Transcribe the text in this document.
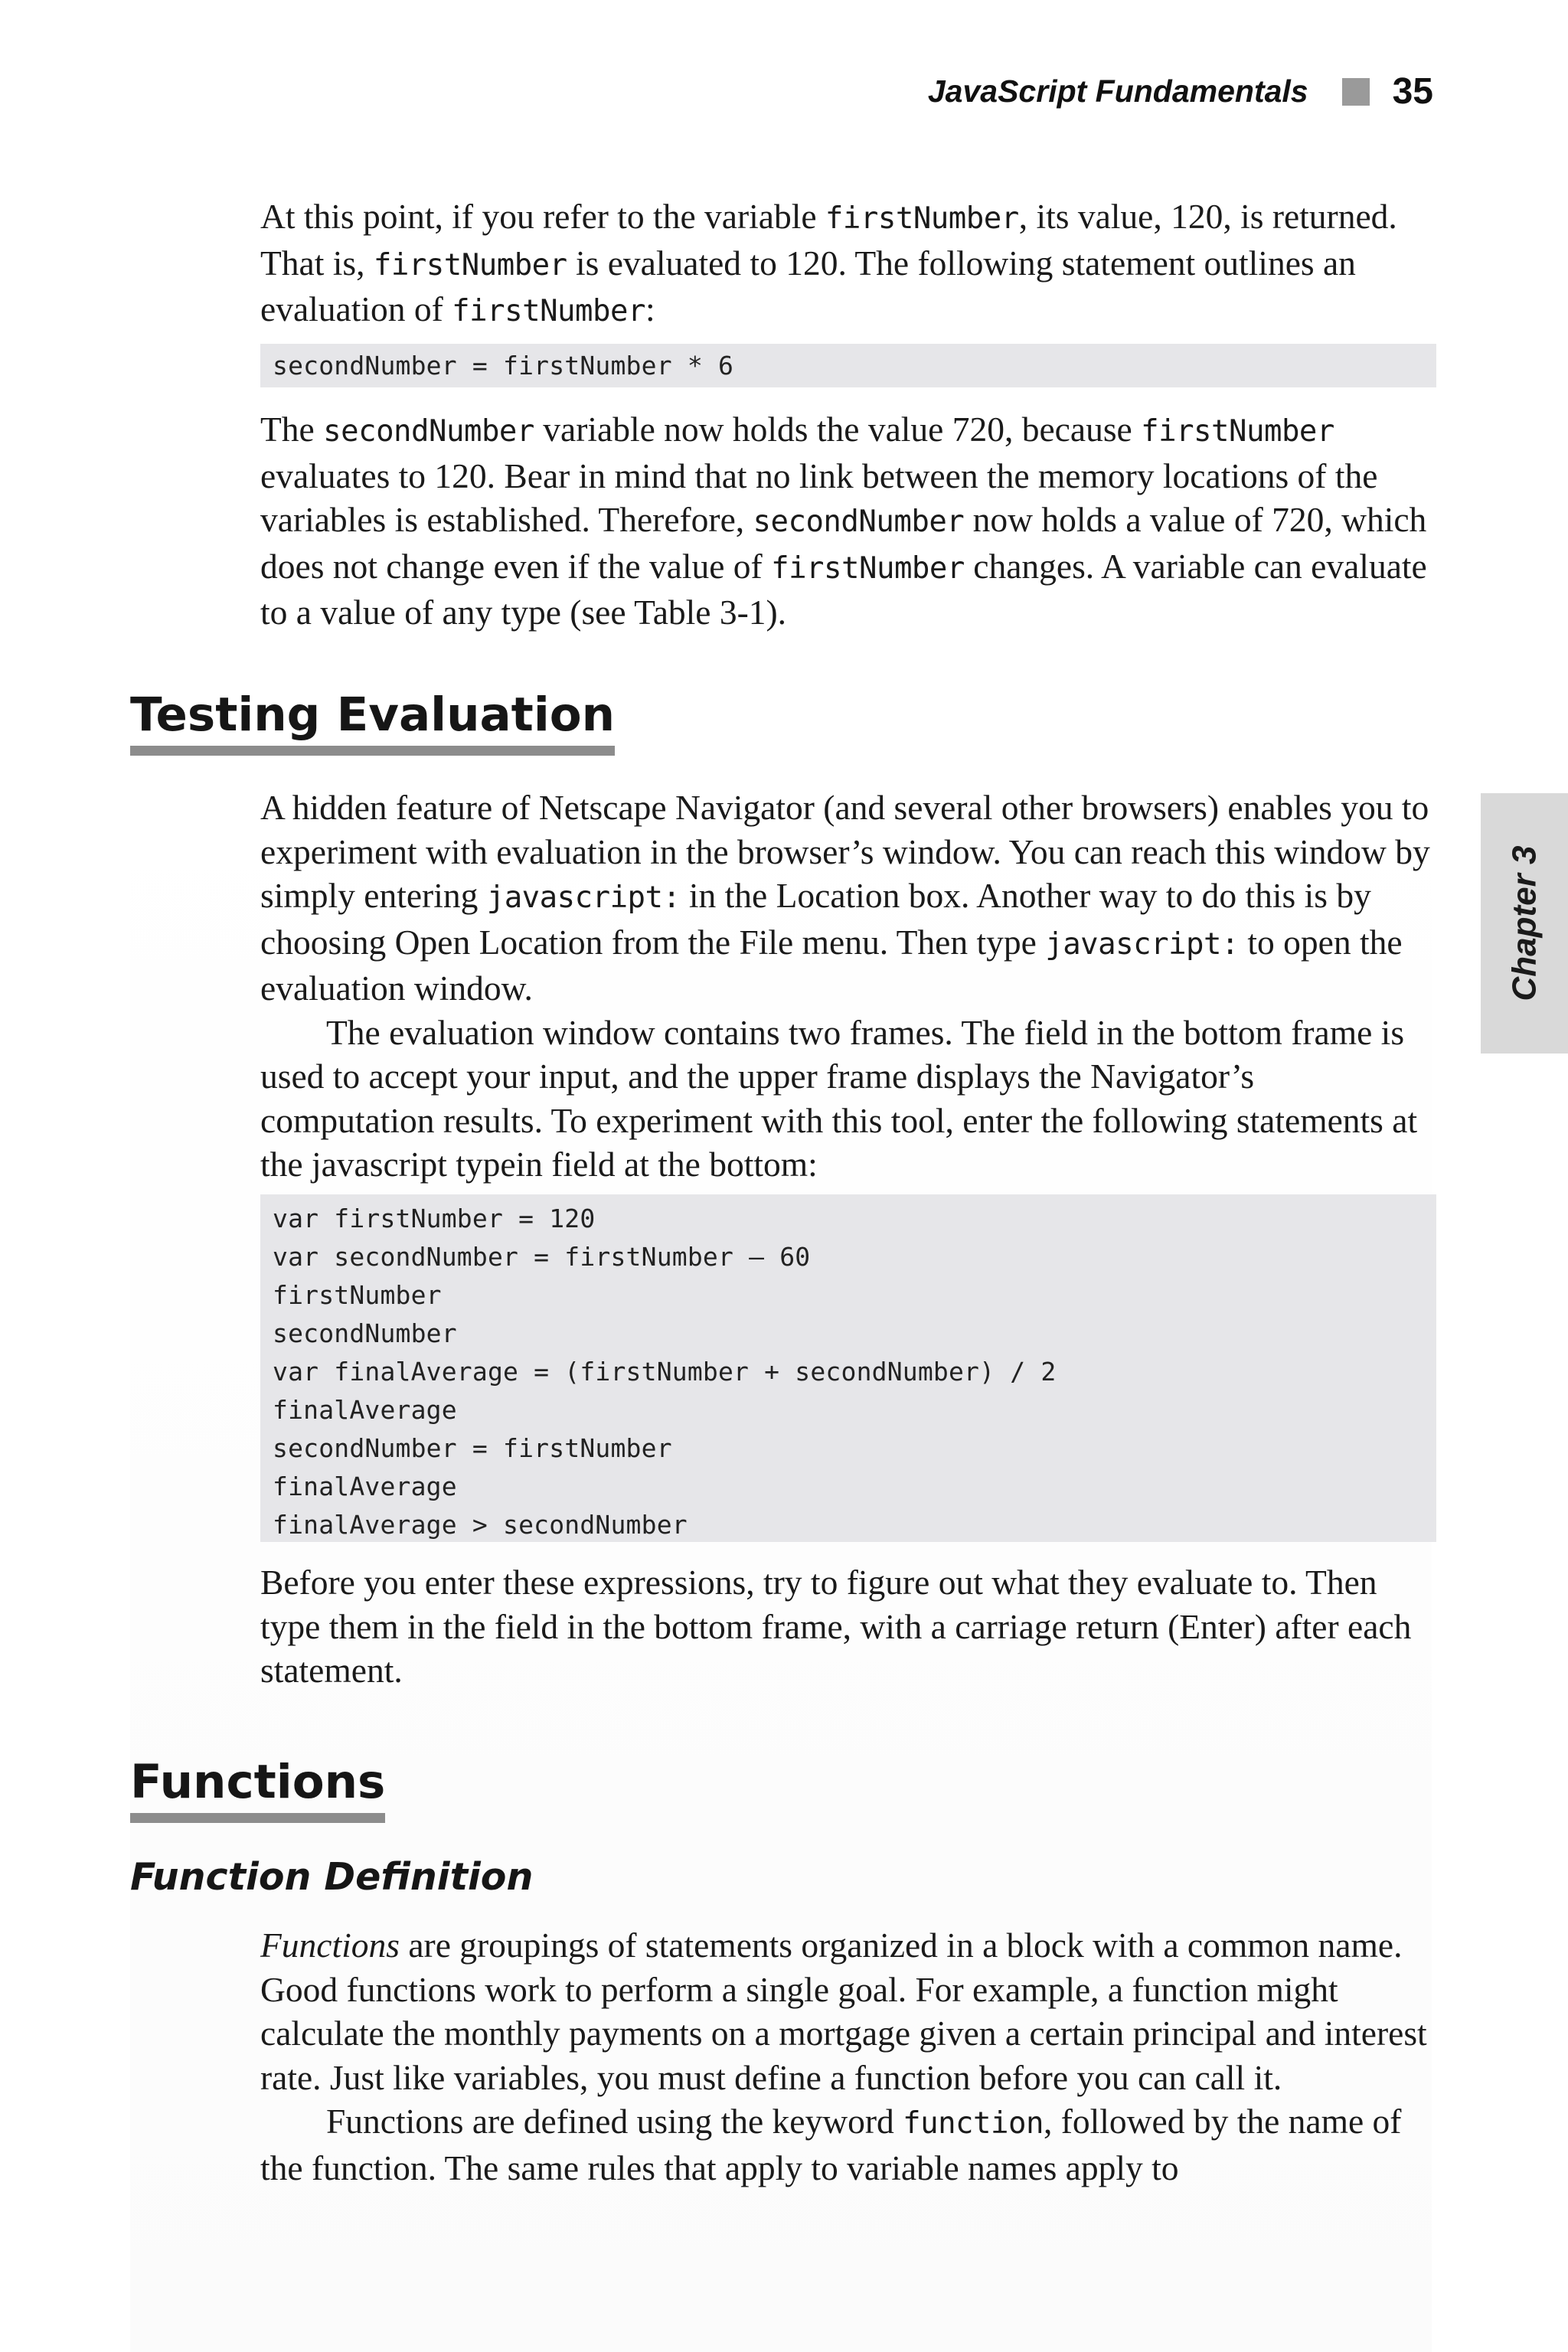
JavaScript Fundamentals 35
Chapter 3

At this point, if you refer to the variable firstNumber, its value, 120, is returned. That is, firstNumber is evaluated to 120. The following statement outlines an evaluation of firstNumber:

secondNumber = firstNumber * 6

The secondNumber variable now holds the value 720, because firstNumber evaluates to 120. Bear in mind that no link between the memory locations of the variables is established. Therefore, secondNumber now holds a value of 720, which does not change even if the value of firstNumber changes. A variable can evaluate to a value of any type (see Table 3-1).

Testing Evaluation

A hidden feature of Netscape Navigator (and several other browsers) enables you to experiment with evaluation in the browser’s window. You can reach this window by simply entering javascript: in the Location box. Another way to do this is by choosing Open Location from the File menu. Then type javascript: to open the evaluation window.

The evaluation window contains two frames. The field in the bottom frame is used to accept your input, and the upper frame displays the Navigator’s computation results. To experiment with this tool, enter the following statements at the javascript typein field at the bottom:

var firstNumber = 120
var secondNumber = firstNumber – 60
firstNumber
secondNumber
var finalAverage = (firstNumber + secondNumber) / 2
finalAverage
secondNumber = firstNumber
finalAverage
finalAverage > secondNumber

Before you enter these expressions, try to figure out what they evaluate to. Then type them in the field in the bottom frame, with a carriage return (Enter) after each statement.

Functions
Function Definition

Functions are groupings of statements organized in a block with a common name. Good functions work to perform a single goal. For example, a function might calculate the monthly payments on a mortgage given a certain principal and interest rate. Just like variables, you must define a function before you can call it.

Functions are defined using the keyword function, followed by the name of the function. The same rules that apply to variable names apply to
